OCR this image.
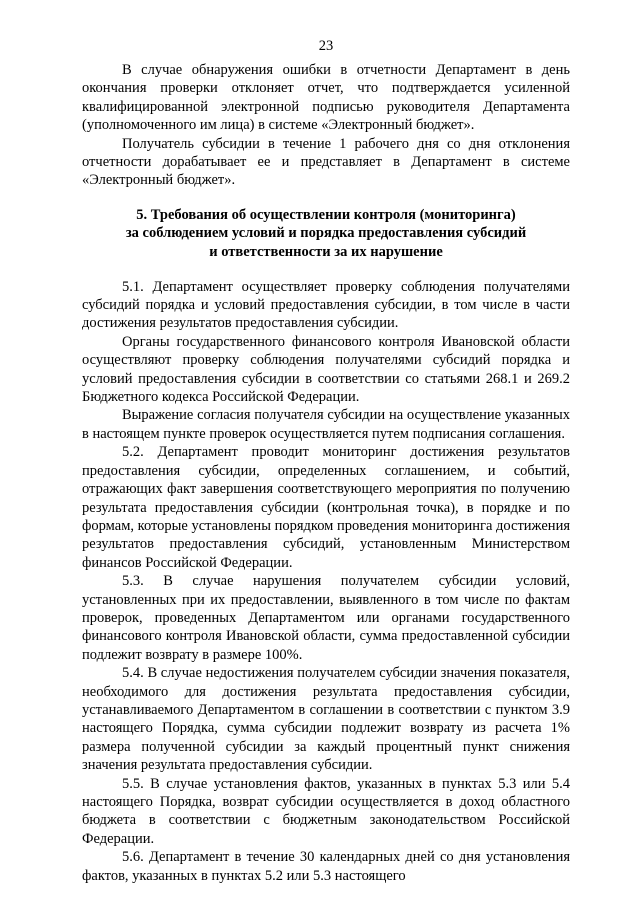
23

В случае обнаружения ошибки в отчетности Департамент в день окончания проверки отклоняет отчет, что подтверждается усиленной квалифицированной электронной подписью руководителя Департамента (уполномоченного им лица) в системе «Электронный бюджет».

Получатель субсидии в течение 1 рабочего дня со дня отклонения отчетности дорабатывает ее и представляет в Департамент в системе «Электронный бюджет».

5. Требования об осуществлении контроля (мониторинга)
за соблюдением условий и порядка предоставления субсидий
и ответственности за их нарушение

5.1. Департамент осуществляет проверку соблюдения получателями субсидий порядка и условий предоставления субсидии, в том числе в части достижения результатов предоставления субсидии.

Органы государственного финансового контроля Ивановской области осуществляют проверку соблюдения получателями субсидий порядка и условий предоставления субсидии в соответствии со статьями 268.1 и 269.2 Бюджетного кодекса Российской Федерации.

Выражение согласия получателя субсидии на осуществление указанных в настоящем пункте проверок осуществляется путем подписания соглашения.

5.2. Департамент проводит мониторинг достижения результатов предоставления субсидии, определенных соглашением, и событий, отражающих факт завершения соответствующего мероприятия по получению результата предоставления субсидии (контрольная точка), в порядке и по формам, которые установлены порядком проведения мониторинга достижения результатов предоставления субсидий, установленным Министерством финансов Российской Федерации.

5.3. В случае нарушения получателем субсидии условий, установленных при их предоставлении, выявленного в том числе по фактам проверок, проведенных Департаментом или органами государственного финансового контроля Ивановской области, сумма предоставленной субсидии подлежит возврату в размере 100%.

5.4. В случае недостижения получателем субсидии значения показателя, необходимого для достижения результата предоставления субсидии, устанавливаемого Департаментом в соглашении в соответствии с пунктом 3.9 настоящего Порядка, сумма субсидии подлежит возврату из расчета 1% размера полученной субсидии за каждый процентный пункт снижения значения результата предоставления субсидии.

5.5. В случае установления фактов, указанных в пунктах 5.3 или 5.4 настоящего Порядка, возврат субсидии осуществляется в доход областного бюджета в соответствии с бюджетным законодательством Российской Федерации.

5.6. Департамент в течение 30 календарных дней со дня установления фактов, указанных в пунктах 5.2 или 5.3 настоящего
